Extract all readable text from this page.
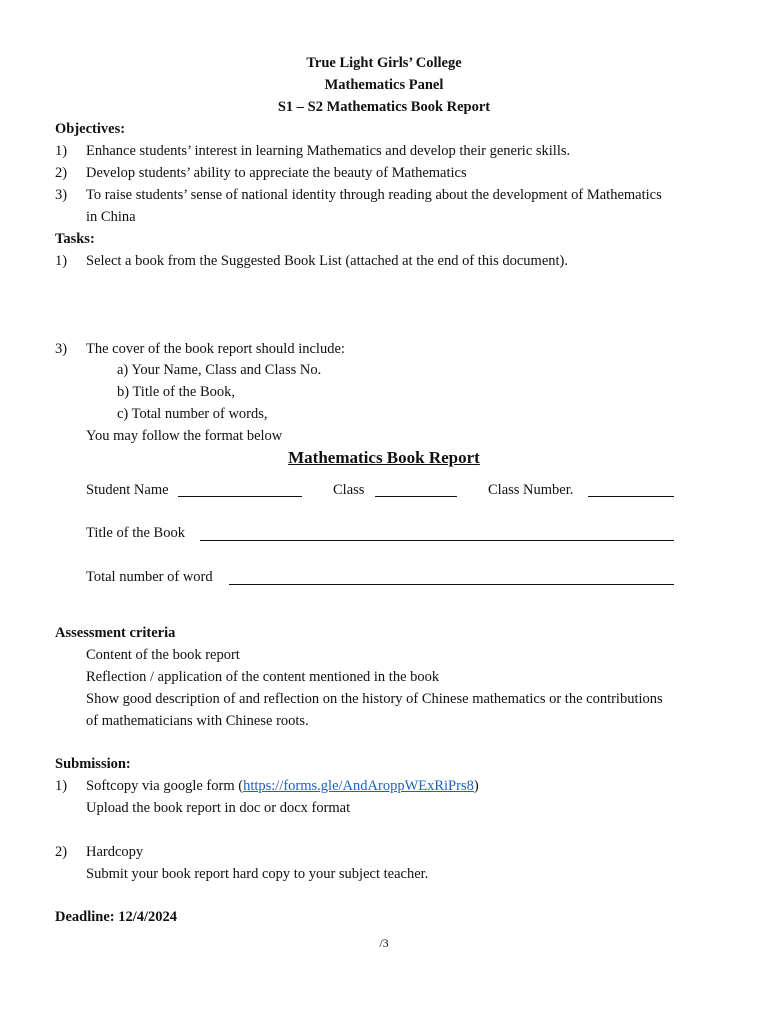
True Light Girls’ College
Mathematics Panel
S1 – S2 Mathematics Book Report
Objectives:
1) Enhance students’ interest in learning Mathematics and develop their generic skills.
2) Develop students’ ability to appreciate the beauty of Mathematics
3) To raise students’ sense of national identity through reading about the development of Mathematics
in China
Tasks:
1) Select a book from the Suggested Book List (attached at the end of this document).
3) The cover of the book report should include:
a) Your Name, Class and Class No.
b) Title of the Book,
c) Total number of words,
You may follow the format below
Mathematics Book Report
Student Name	Class	Class Number.
Title of the Book
Total number of word
Assessment criteria
Content of the book report
Reflection / application of the content mentioned in the book
Show good description of and reflection on the history of Chinese mathematics or the contributions
of mathematicians with Chinese roots.
Submission:
1) Softcopy via google form (https://forms.gle/AndAroppWExRiPrs8)
Upload the book report in doc or docx format
2) Hardcopy
Submit your book report hard copy to your subject teacher.
Deadline: 12/4/2024
/3
